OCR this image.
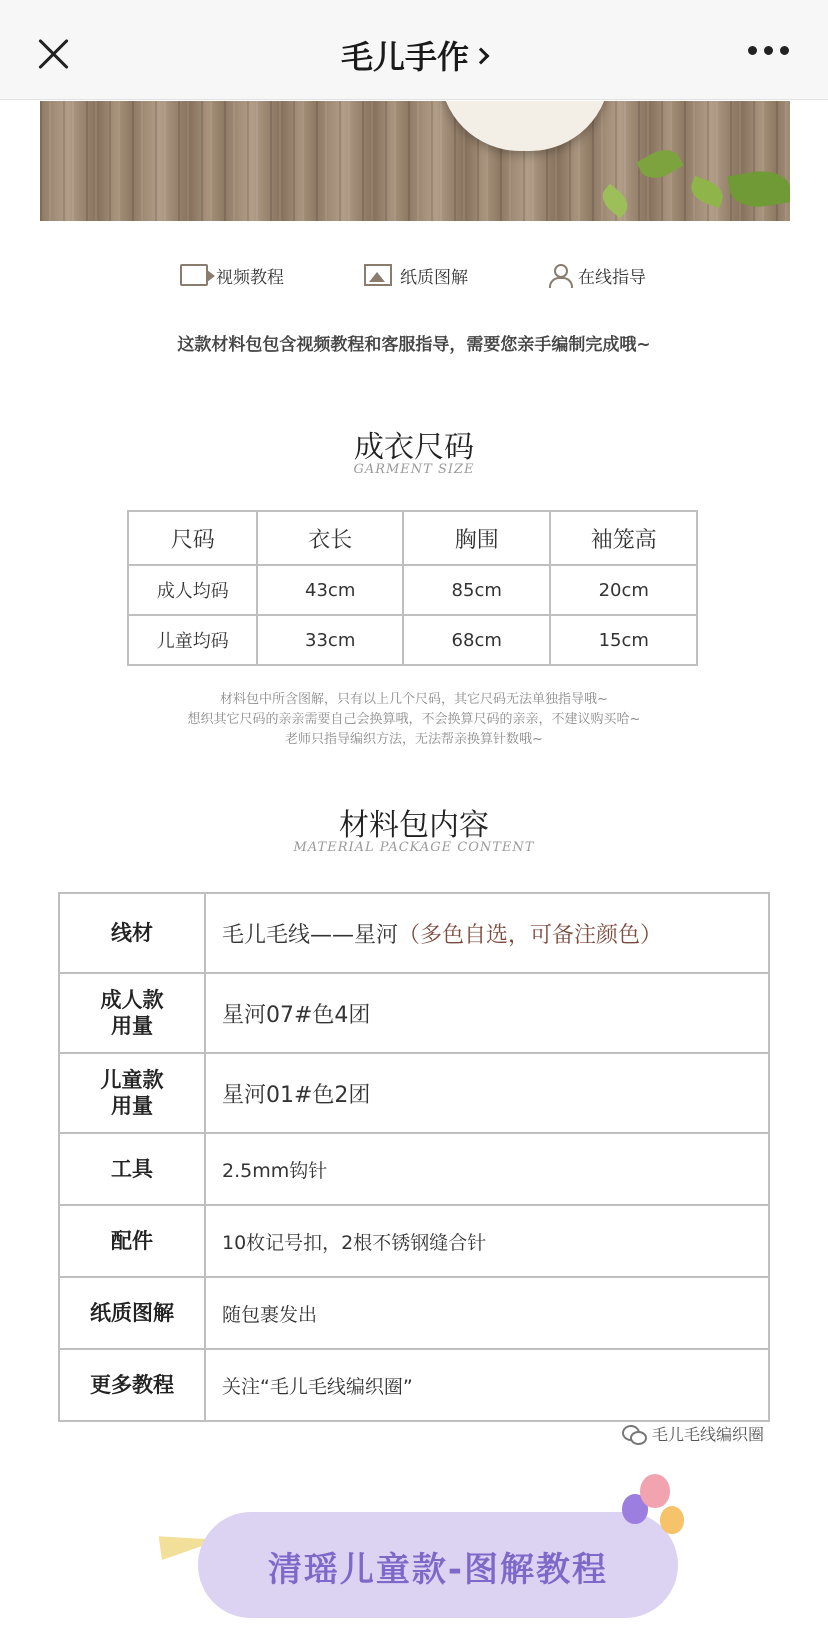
毛儿手作
视频教程	纸质图解	在线指导
这款材料包包含视频教程和客服指导，需要您亲手编制完成哦~
成衣尺码
GARMENT SIZE
尺码	衣长	胸围	袖笼高
成人均码	43cm	85cm	20cm
儿童均码	33cm	68cm	15cm
材料包中所含图解，只有以上几个尺码，其它尺码无法单独指导哦~
想织其它尺码的亲亲需要自己会换算哦，不会换算尺码的亲亲，不建议购买哈~
老师只指导编织方法，无法帮亲换算针数哦~
材料包内容
MATERIAL PACKAGE CONTENT
线材	毛儿毛线——星河（多色自选，可备注颜色）

成人款
用量	星河07#色4团

儿童款
用量	星河01#色2团
工具	2.5mm钩针
配件	10枚记号扣，2根不锈钢缝合针
纸质图解	随包裹发出
更多教程	关注“毛儿毛线编织圈”
毛儿毛线编织圈
清瑶儿童款-图解教程
